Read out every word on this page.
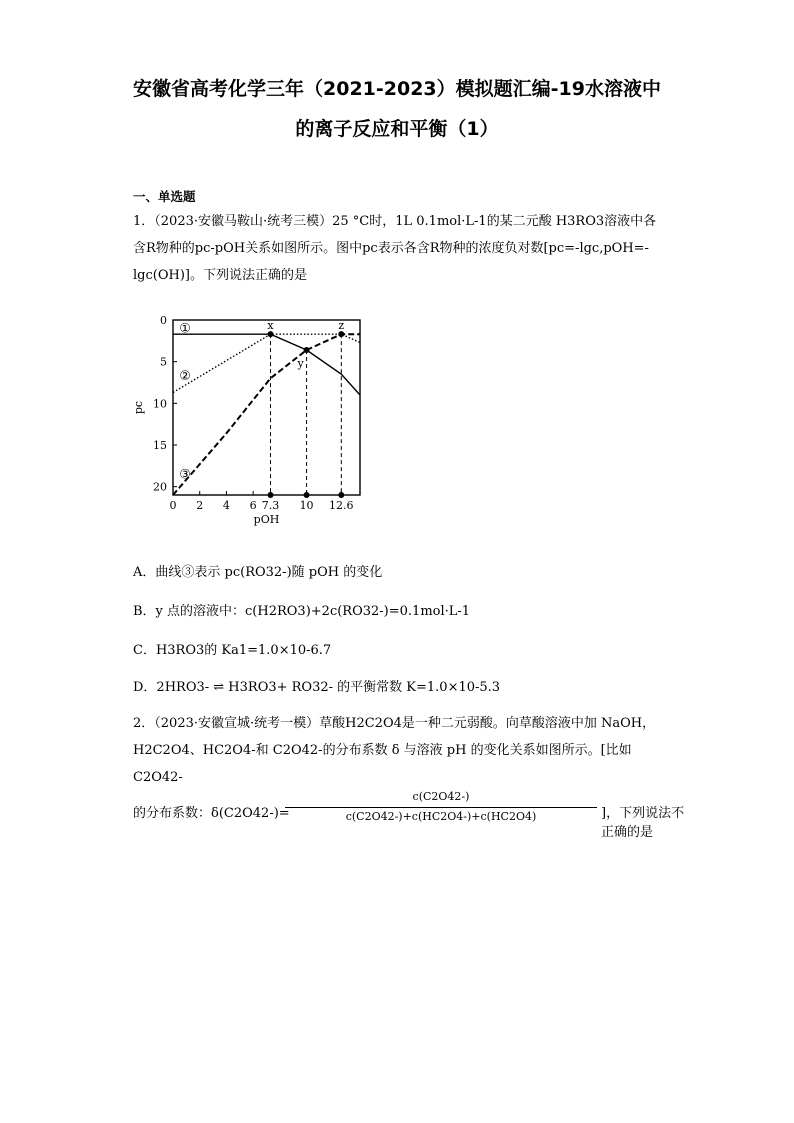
安徽省高考化学三年（2021-2023）模拟题汇编-19水溶液中
的离子反应和平衡（1）
一、单选题
1．（2023·安徽马鞍山·统考三模）25 °C时，1L 0.1mol·L-1的某二元酸 H3RO3溶液中各含R物种的pc-pOH关系如图所示。图中pc表示各含R物种的浓度负对数[pc=-lgc,pOH=-lgc(OH)]。下列说法正确的是
0 2 4 6 7.3 10 12.6
0
5
10
15
20
pOH
pc
x
y
z
①
②
③
A．曲线③表示 pc(RO32-)随 pOH 的变化
B．y 点的溶液中：c(H2RO3)+2c(RO32-)=0.1mol·L-1
C．H3RO3的 Ka1=1.0×10-6.7
D．2HRO3- ⇌ H3RO3+ RO32- 的平衡常数 K=1.0×10-5.3
2．（2023·安徽宣城·统考一模）草酸H2C2O4是一种二元弱酸。向草酸溶液中加 NaOH，H2C2O4、HC2O4-和 C2O42-的分布系数 δ 与溶液 pH 的变化关系如图所示。[比如 C2O42-
的分布系数：δ(C2O42-)=
c(C2O42-)
c(C2O42-)+c(HC2O4-)+c(HC2O4)	]，下列说法不正确的是
